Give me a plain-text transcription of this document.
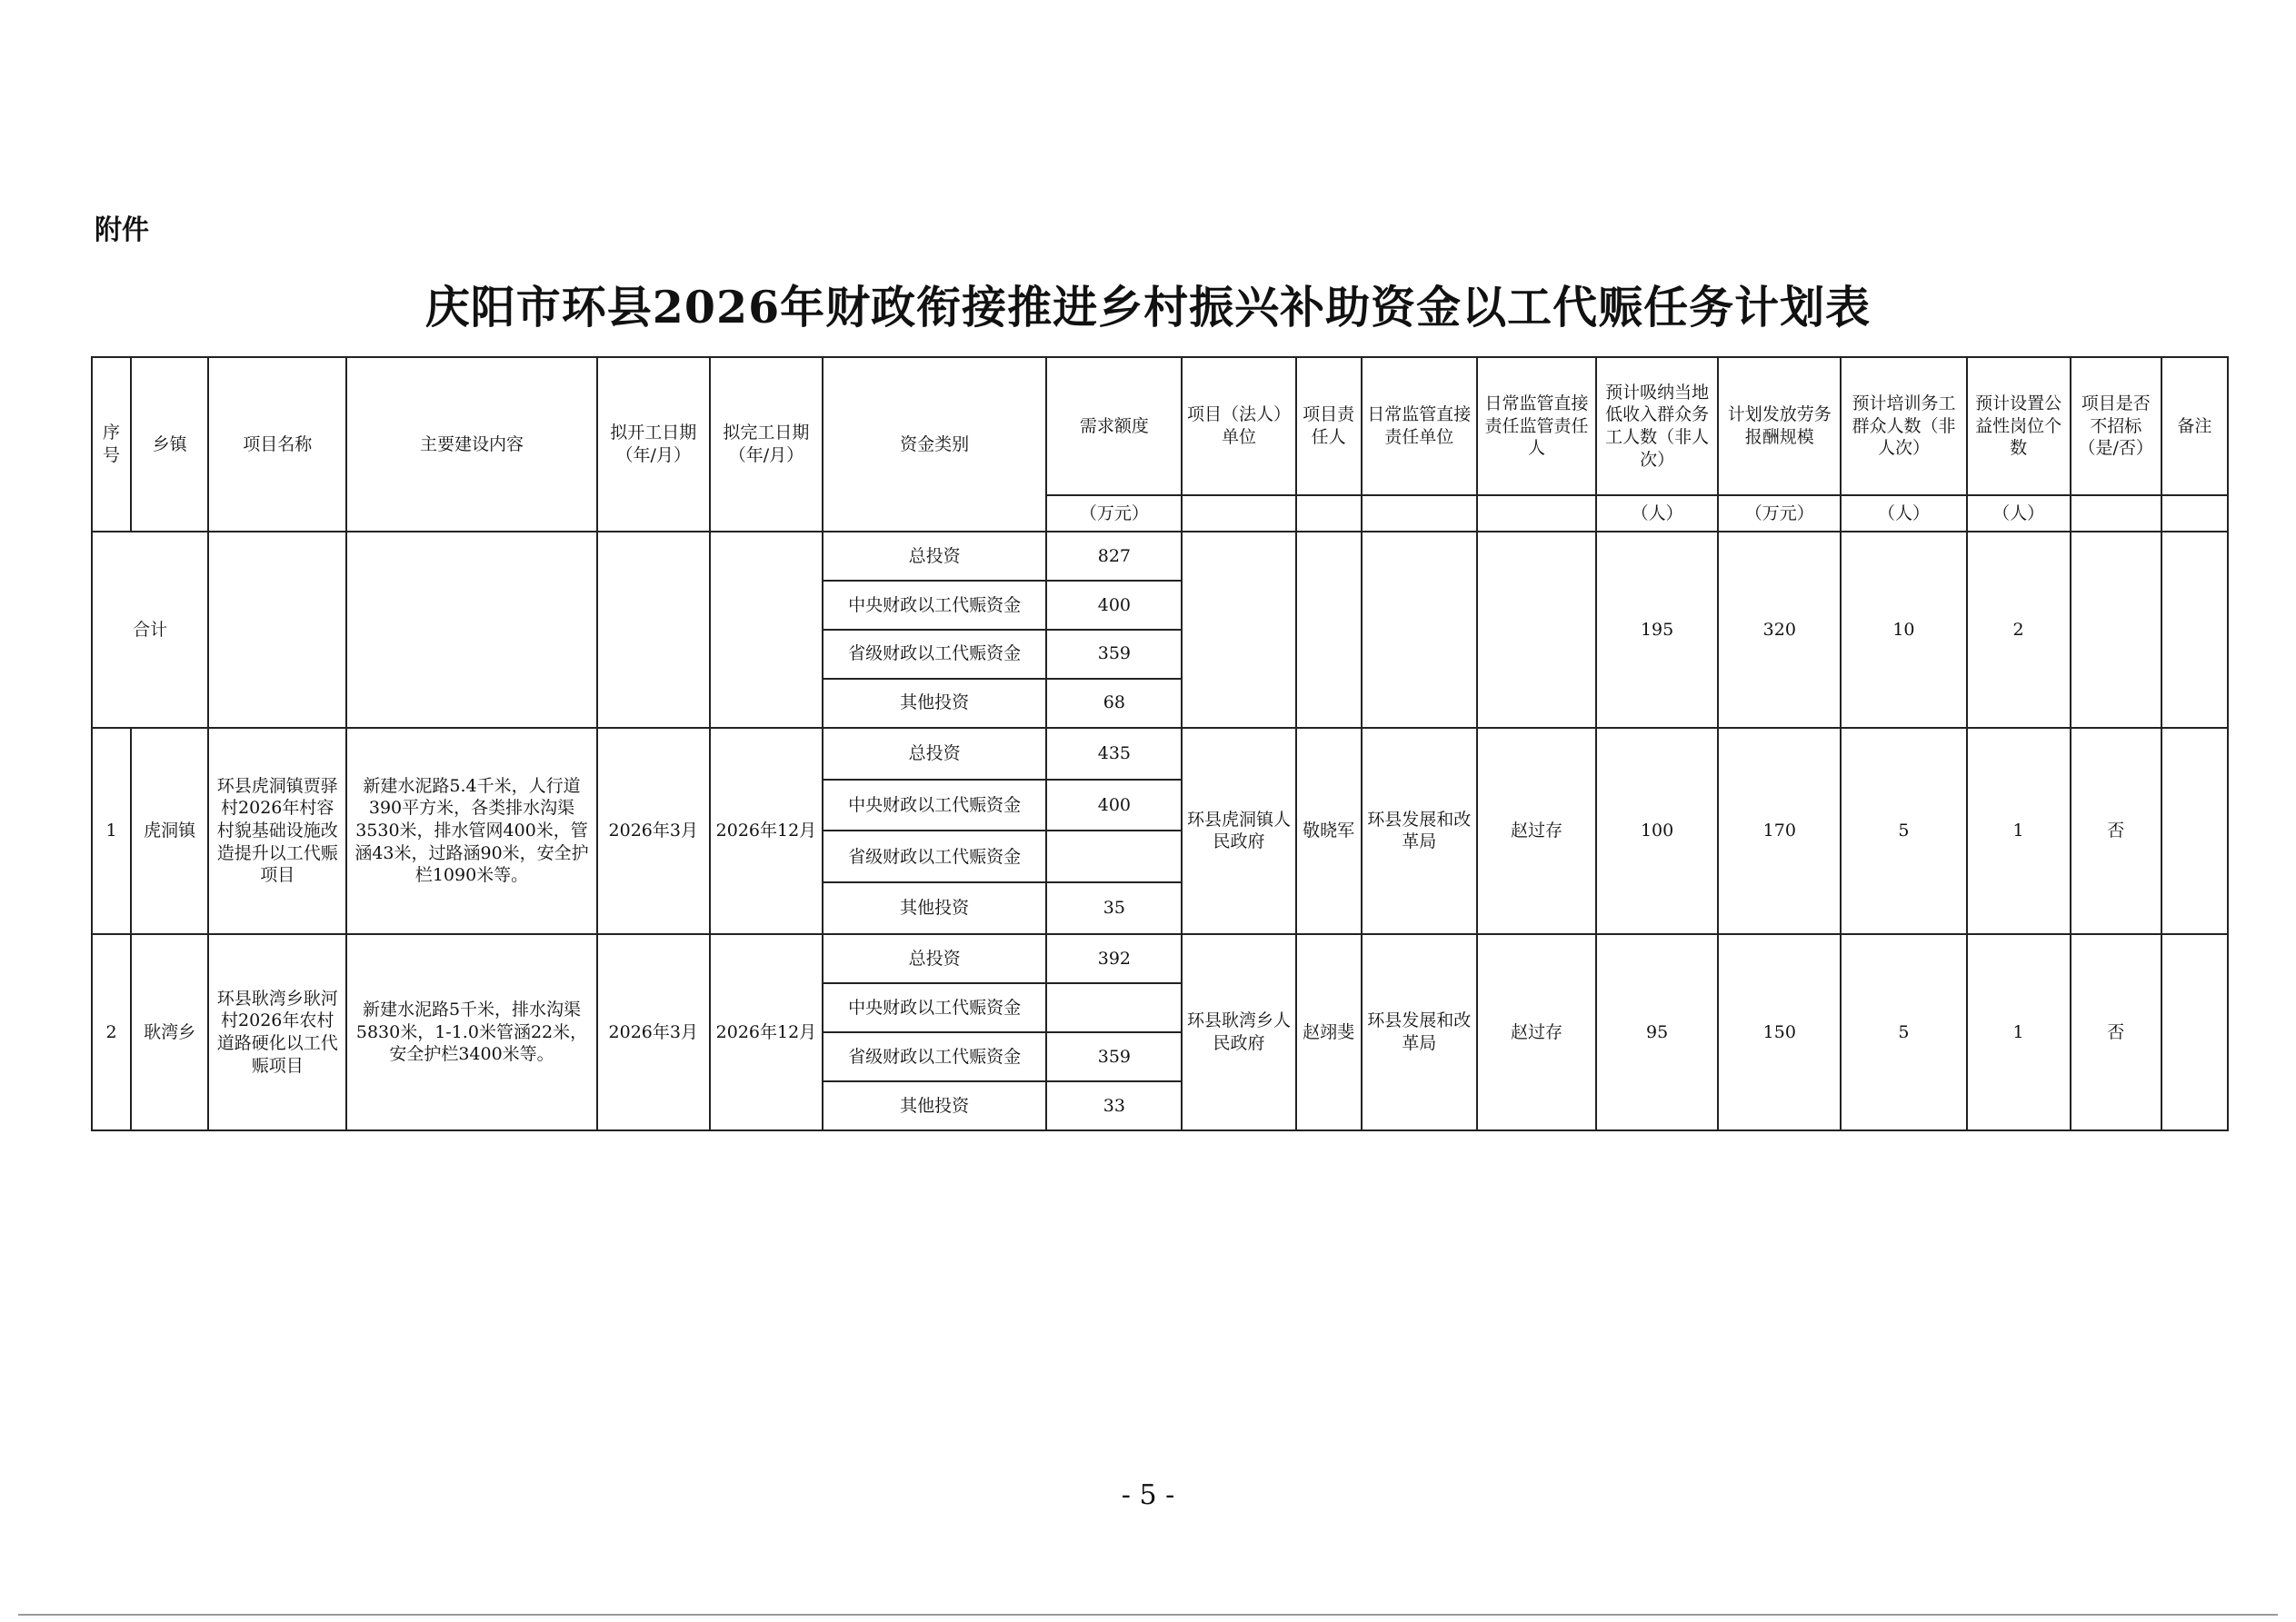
附件
庆阳市环县2026年财政衔接推进乡村振兴补助资金以工代赈任务计划表
序号	乡镇	项目名称	主要建设内容	拟开工日期（年/月）	拟完工日期（年/月）	资金类别	需求额度	项目（法人）单位	项目责任人	日常监管直接责任单位	日常监管直接责任监管责任人	预计吸纳当地低收入群众务工人数（非人次）	计划发放劳务报酬规模	预计培训务工群众人数（非人次）	预计设置公益性岗位个数	项目是否不招标（是/否）	备注
							（万元）					（人）	（万元）	（人）	（人）		
合计						总投资	827					195	320	10	2		
						中央财政以工代赈资金	400										
						省级财政以工代赈资金	359										
						其他投资	68										
1	虎洞镇	环县虎洞镇贾驿村2026年村容村貌基础设施改造提升以工代赈项目	新建水泥路5.4千米，人行道390平方米，各类排水沟渠3530米，排水管网400米，管涵43米，过路涵90米，安全护栏1090米等。	2026年3月	2026年12月	总投资	435	环县虎洞镇人民政府	敬晓军	环县发展和改革局	赵过存	100	170	5	1	否	
						中央财政以工代赈资金	400										
						省级财政以工代赈资金											
						其他投资	35										
2	耿湾乡	环县耿湾乡耿河村2026年农村道路硬化以工代赈项目	新建水泥路5千米，排水沟渠5830米，1-1.0米管涵22米，安全护栏3400米等。	2026年3月	2026年12月	总投资	392	环县耿湾乡人民政府	赵翊斐	环县发展和改革局	赵过存	95	150	5	1	否	
						中央财政以工代赈资金											
						省级财政以工代赈资金	359										
						其他投资	33										
- 5 -
